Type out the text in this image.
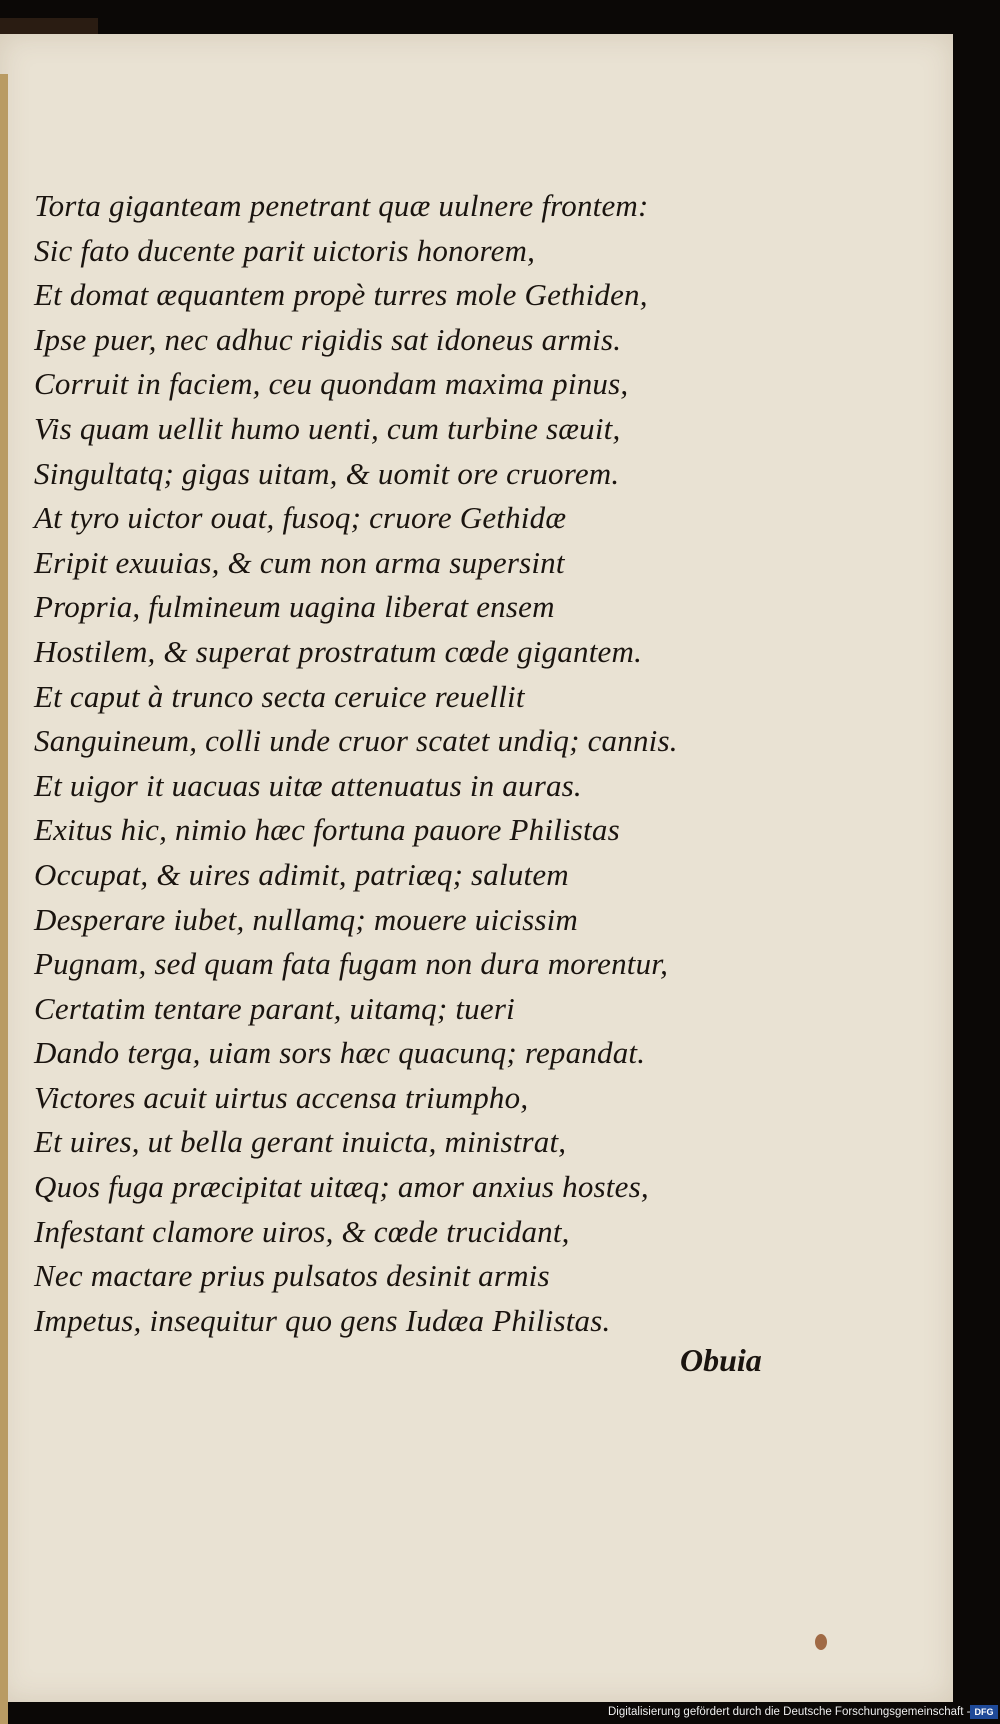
Torta giganteam penetrant quæ uulnere frontem:
Sic fato ducente parit uictoris honorem,
Et domat æquantem propè turres mole Gethiden,
Ipse puer, nec adhuc rigidis sat idoneus armis.
Corruit in faciem, ceu quondam maxima pinus,
Vis quam uellit humo uenti, cum turbine sæuit,
Singultatq; gigas uitam, & uomit ore cruorem.
At tyro uictor ouat, fusoq; cruore Gethidæ
Eripit exuuias, & cum non arma supersint
Propria, fulmineum uagina liberat ensem
Hostilem, & superat prostratum cœde gigantem.
Et caput à trunco secta ceruice reuellit
Sanguineum, colli unde cruor scatet undiq; cannis.
Et uigor it uacuas uitæ attenuatus in auras.
Exitus hic, nimio hæc fortuna pauore Philistas
Occupat, & uires adimit, patriæq; salutem
Desperare iubet, nullamq; mouere uicissim
Pugnam, sed quam fata fugam non dura morentur,
Certatim tentare parant, uitamq; tueri
Dando terga, uiam sors hæc quacunq; repandat.
Victores acuit uirtus accensa triumpho,
Et uires, ut bella gerant inuicta, ministrat,
Quos fuga præcipitat uitæq; amor anxius hostes,
Infestant clamore uiros, & cœde trucidant,
Nec mactare prius pulsatos desinit armis
Impetus, insequitur quo gens Iudæa Philistas.
Obuia
Digitalisierung gefördert durch die Deutsche Forschungsgemeinschaft - DFG
